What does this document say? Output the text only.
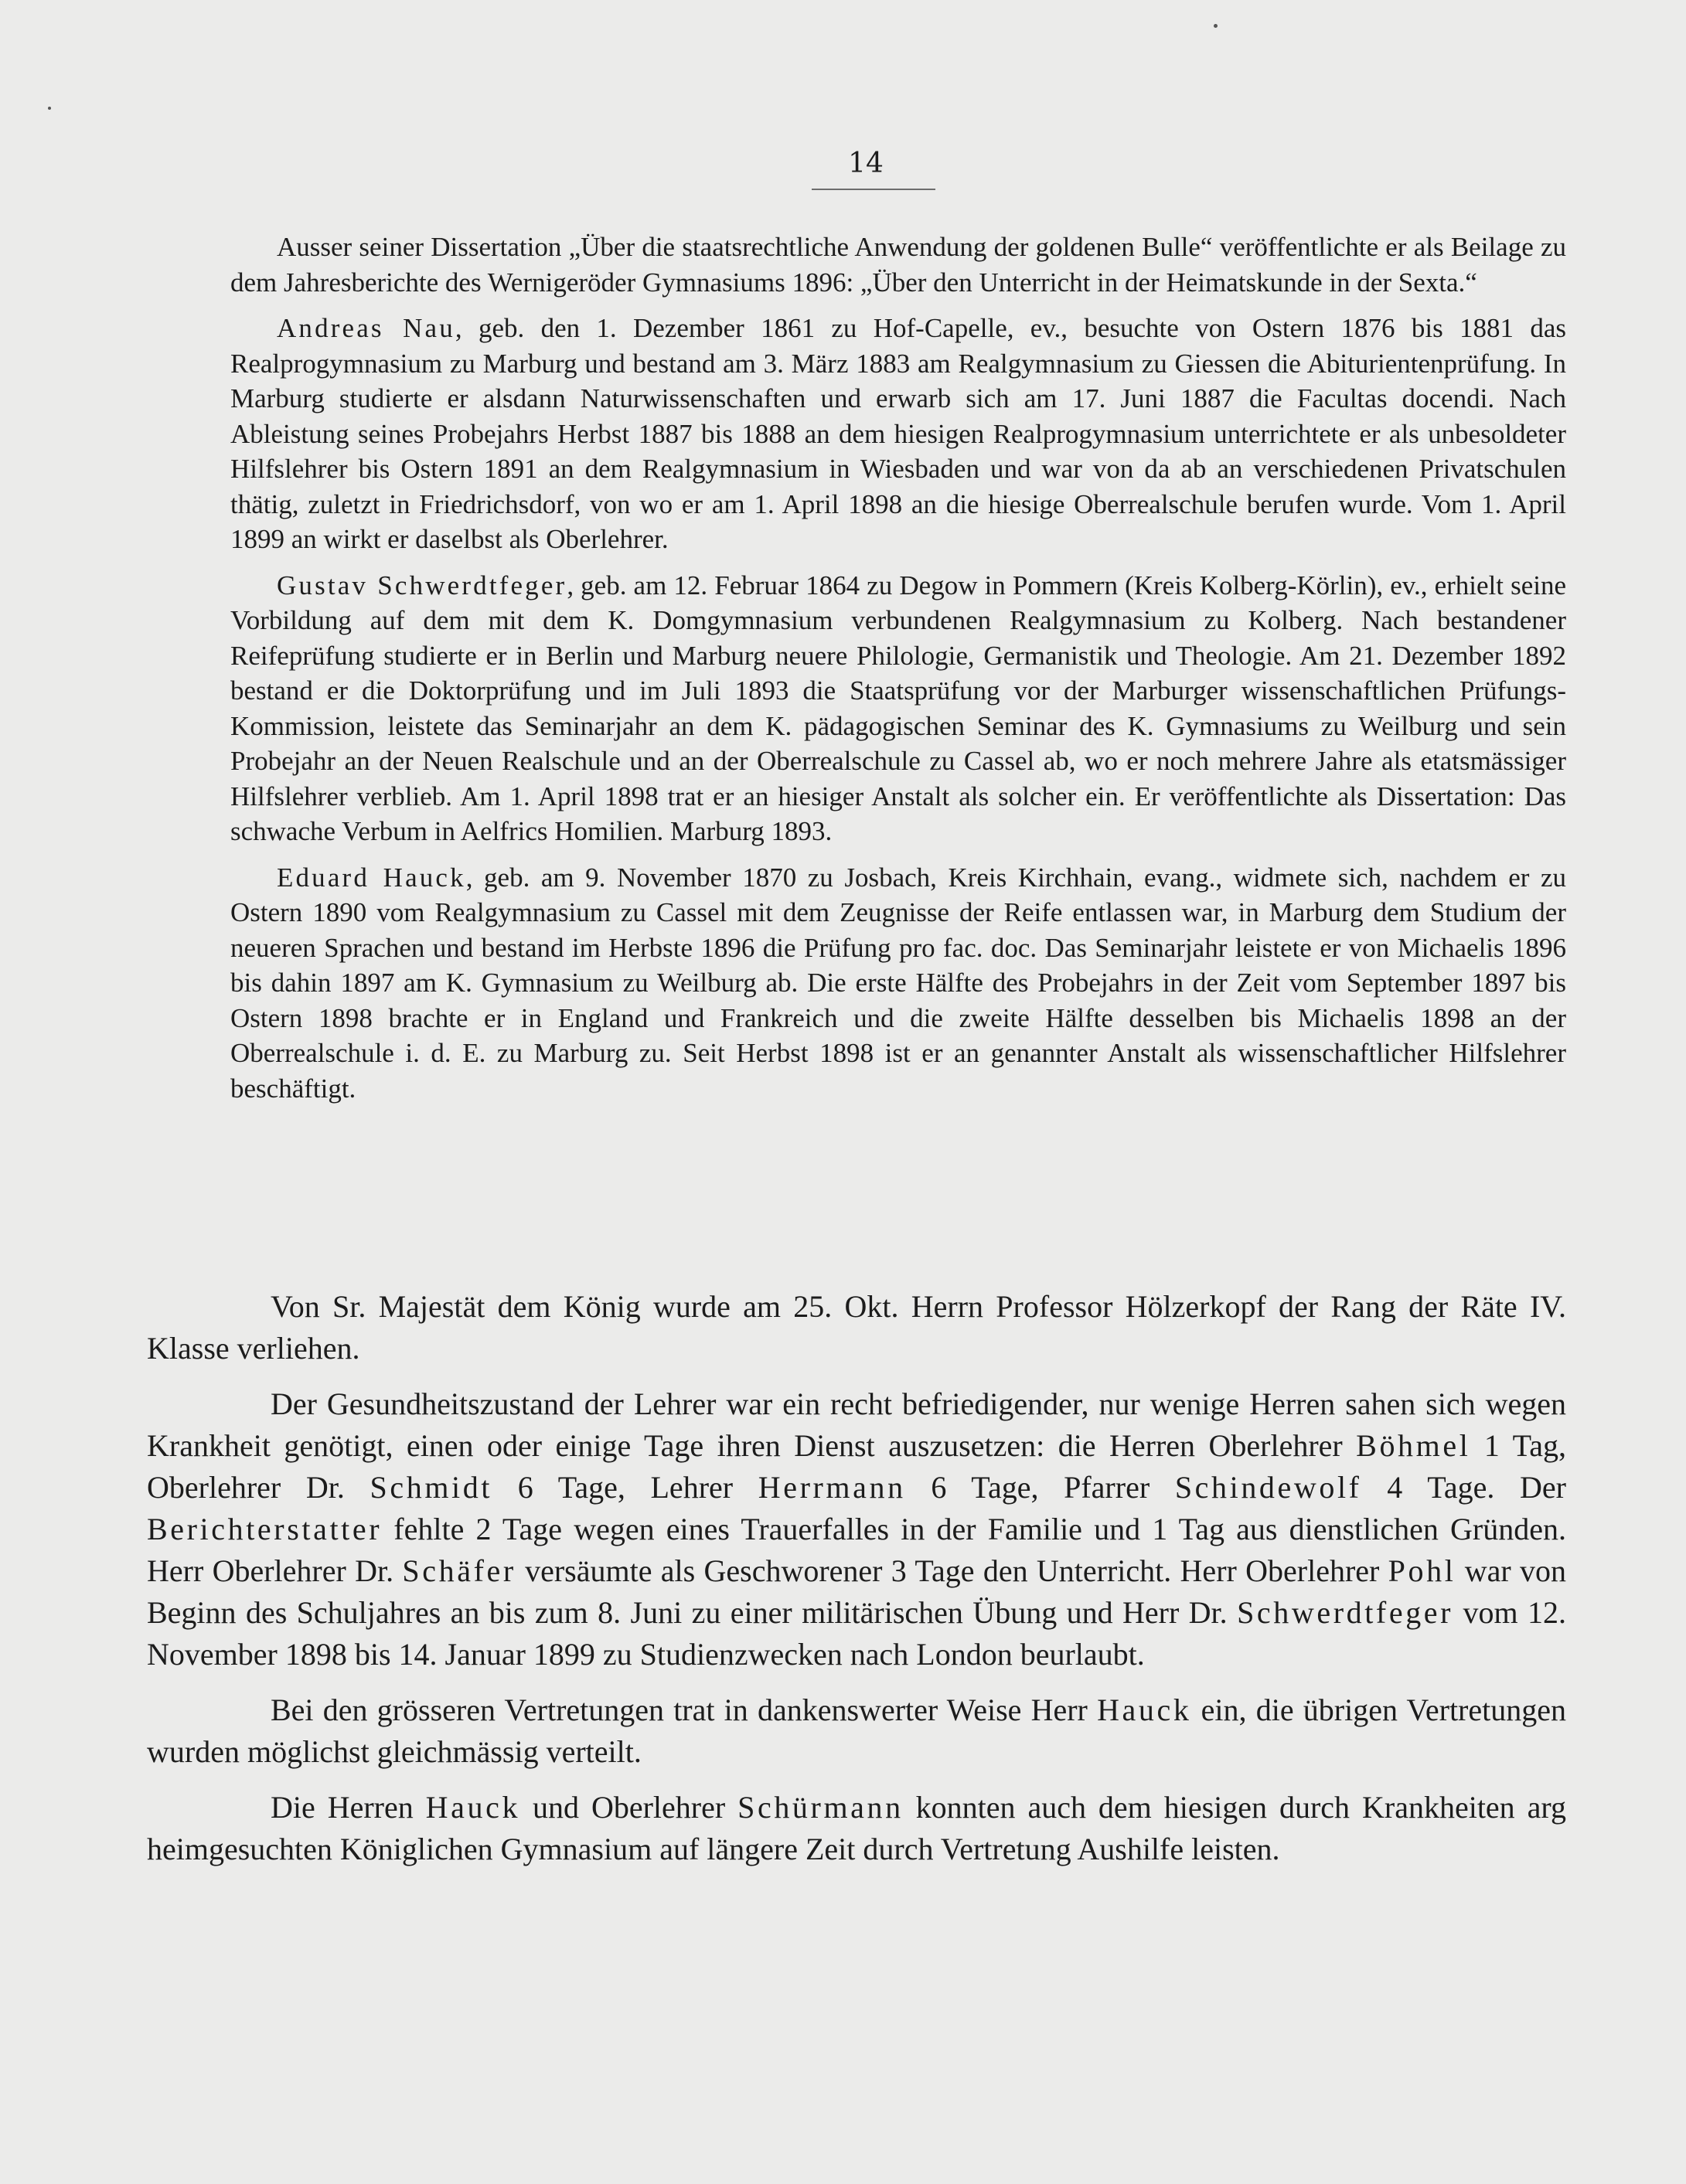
14

Ausser seiner Dissertation „Über die staatsrechtliche Anwendung der goldenen Bulle“ veröffentlichte er als Beilage zu dem Jahresberichte des Wernigeröder Gymnasiums 1896: „Über den Unterricht in der Heimatskunde in der Sexta.“

Andreas Nau, geb. den 1. Dezember 1861 zu Hof-Capelle, ev., besuchte von Ostern 1876 bis 1881 das Realprogymnasium zu Marburg und bestand am 3. März 1883 am Realgymnasium zu Giessen die Abiturientenprüfung. In Marburg studierte er alsdann Naturwissenschaften und erwarb sich am 17. Juni 1887 die Facultas docendi. Nach Ableistung seines Probejahrs Herbst 1887 bis 1888 an dem hiesigen Realprogymnasium unterrichtete er als unbesoldeter Hilfslehrer bis Ostern 1891 an dem Realgymnasium in Wiesbaden und war von da ab an verschiedenen Privatschulen thätig, zuletzt in Friedrichsdorf, von wo er am 1. April 1898 an die hiesige Oberrealschule berufen wurde. Vom 1. April 1899 an wirkt er daselbst als Oberlehrer.

Gustav Schwerdtfeger, geb. am 12. Februar 1864 zu Degow in Pommern (Kreis Kolberg-Körlin), ev., erhielt seine Vorbildung auf dem mit dem K. Domgymnasium verbundenen Realgymnasium zu Kolberg. Nach bestandener Reifeprüfung studierte er in Berlin und Marburg neuere Philologie, Germanistik und Theologie. Am 21. Dezember 1892 bestand er die Doktorprüfung und im Juli 1893 die Staatsprüfung vor der Marburger wissenschaftlichen Prüfungs-Kommission, leistete das Seminarjahr an dem K. pädagogischen Seminar des K. Gymnasiums zu Weilburg und sein Probejahr an der Neuen Realschule und an der Oberrealschule zu Cassel ab, wo er noch mehrere Jahre als etatsmässiger Hilfslehrer verblieb. Am 1. April 1898 trat er an hiesiger Anstalt als solcher ein. Er veröffentlichte als Dissertation: Das schwache Verbum in Aelfrics Homilien. Marburg 1893.

Eduard Hauck, geb. am 9. November 1870 zu Josbach, Kreis Kirchhain, evang., widmete sich, nachdem er zu Ostern 1890 vom Realgymnasium zu Cassel mit dem Zeugnisse der Reife entlassen war, in Marburg dem Studium der neueren Sprachen und bestand im Herbste 1896 die Prüfung pro fac. doc. Das Seminarjahr leistete er von Michaelis 1896 bis dahin 1897 am K. Gymnasium zu Weilburg ab. Die erste Hälfte des Probejahrs in der Zeit vom September 1897 bis Ostern 1898 brachte er in England und Frankreich und die zweite Hälfte desselben bis Michaelis 1898 an der Oberrealschule i. d. E. zu Marburg zu. Seit Herbst 1898 ist er an genannter Anstalt als wissenschaftlicher Hilfslehrer beschäftigt.

Von Sr. Majestät dem König wurde am 25. Okt. Herrn Professor Hölzerkopf der Rang der Räte IV. Klasse verliehen.

Der Gesundheitszustand der Lehrer war ein recht befriedigender, nur wenige Herren sahen sich wegen Krankheit genötigt, einen oder einige Tage ihren Dienst auszusetzen: die Herren Oberlehrer Böhmel 1 Tag, Oberlehrer Dr. Schmidt 6 Tage, Lehrer Herrmann 6 Tage, Pfarrer Schindewolf 4 Tage. Der Berichterstatter fehlte 2 Tage wegen eines Trauerfalles in der Familie und 1 Tag aus dienstlichen Gründen. Herr Oberlehrer Dr. Schäfer versäumte als Geschworener 3 Tage den Unterricht. Herr Oberlehrer Pohl war von Beginn des Schuljahres an bis zum 8. Juni zu einer militärischen Übung und Herr Dr. Schwerdtfeger vom 12. November 1898 bis 14. Januar 1899 zu Studienzwecken nach London beurlaubt.

Bei den grösseren Vertretungen trat in dankenswerter Weise Herr Hauck ein, die übrigen Vertretungen wurden möglichst gleichmässig verteilt.

Die Herren Hauck und Oberlehrer Schürmann konnten auch dem hiesigen durch Krankheiten arg heimgesuchten Königlichen Gymnasium auf längere Zeit durch Vertretung Aushilfe leisten.
